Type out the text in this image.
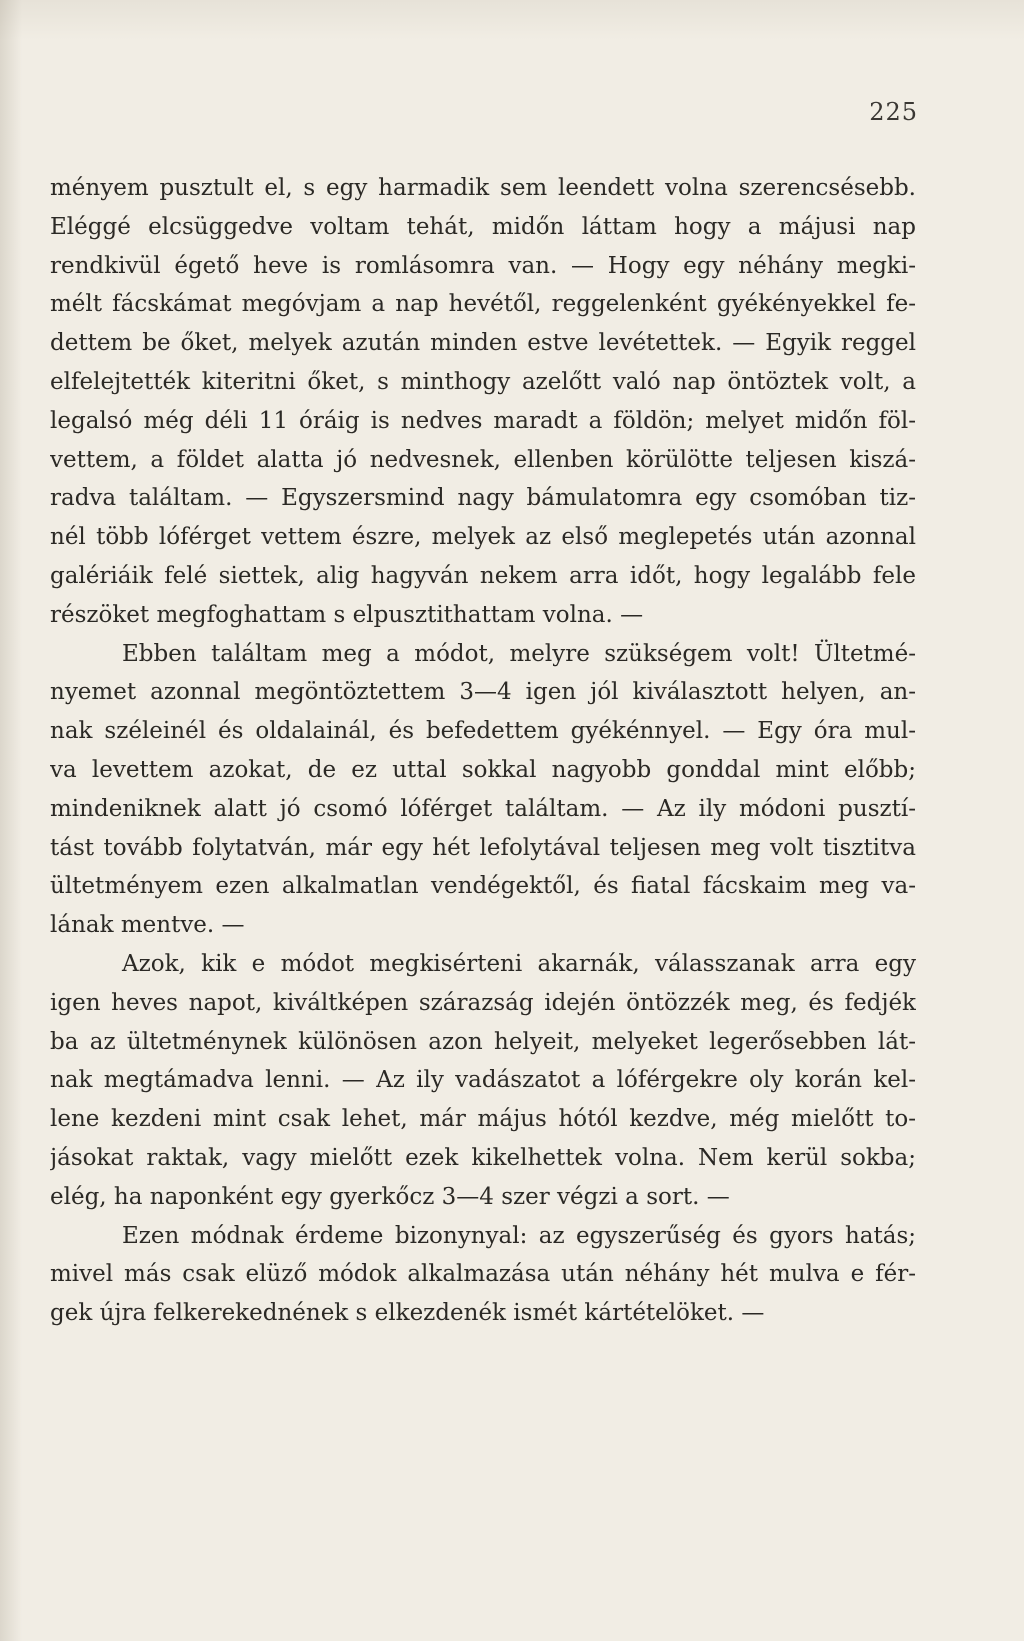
225
ményem pusztult el, s egy harmadik sem leendett volna szerencsésebb.
Eléggé elcsüggedve voltam tehát, midőn láttam hogy a májusi nap
rendkivül égető heve is romlásomra van. — Hogy egy néhány megki-
mélt fácskámat megóvjam a nap hevétől, reggelenként gyékényekkel fe-
dettem be őket, melyek azután minden estve levétettek. — Egyik reggel
elfelejtették kiteritni őket, s minthogy azelőtt való nap öntöztek volt, a
legalsó még déli 11 óráig is nedves maradt a földön; melyet midőn föl-
vettem, a földet alatta jó nedvesnek, ellenben körülötte teljesen kiszá-
radva találtam. — Egyszersmind nagy bámulatomra egy csomóban tiz-
nél több lóférget vettem észre, melyek az első meglepetés után azonnal
galériáik felé siettek, alig hagyván nekem arra időt, hogy legalább fele
részöket megfoghattam s elpusztithattam volna. —
Ebben találtam meg a módot, melyre szükségem volt! Ültetmé-
nyemet azonnal megöntöztettem 3—4 igen jól kiválasztott helyen, an-
nak széleinél és oldalainál, és befedettem gyékénnyel. — Egy óra mul-
va levettem azokat, de ez uttal sokkal nagyobb gonddal mint előbb;
mindeniknek alatt jó csomó lóférget találtam. — Az ily módoni pusztí-
tást tovább folytatván, már egy hét lefolytával teljesen meg volt tisztitva
ültetményem ezen alkalmatlan vendégektől, és fiatal fácskaim meg va-
lának mentve. —
Azok, kik e módot megkisérteni akarnák, válasszanak arra egy
igen heves napot, kiváltképen szárazság idején öntözzék meg, és fedjék
ba az ültetménynek különösen azon helyeit, melyeket legerősebben lát-
nak megtámadva lenni. — Az ily vadászatot a lóférgekre oly korán kel-
lene kezdeni mint csak lehet, már május hótól kezdve, még mielőtt to-
jásokat raktak, vagy mielőtt ezek kikelhettek volna. Nem kerül sokba;
elég, ha naponként egy gyerkőcz 3—4 szer végzi a sort. —
Ezen módnak érdeme bizonynyal: az egyszerűség és gyors hatás;
mivel más csak elüző módok alkalmazása után néhány hét mulva e fér-
gek újra felkerekednének s elkezdenék ismét kártételöket. —
